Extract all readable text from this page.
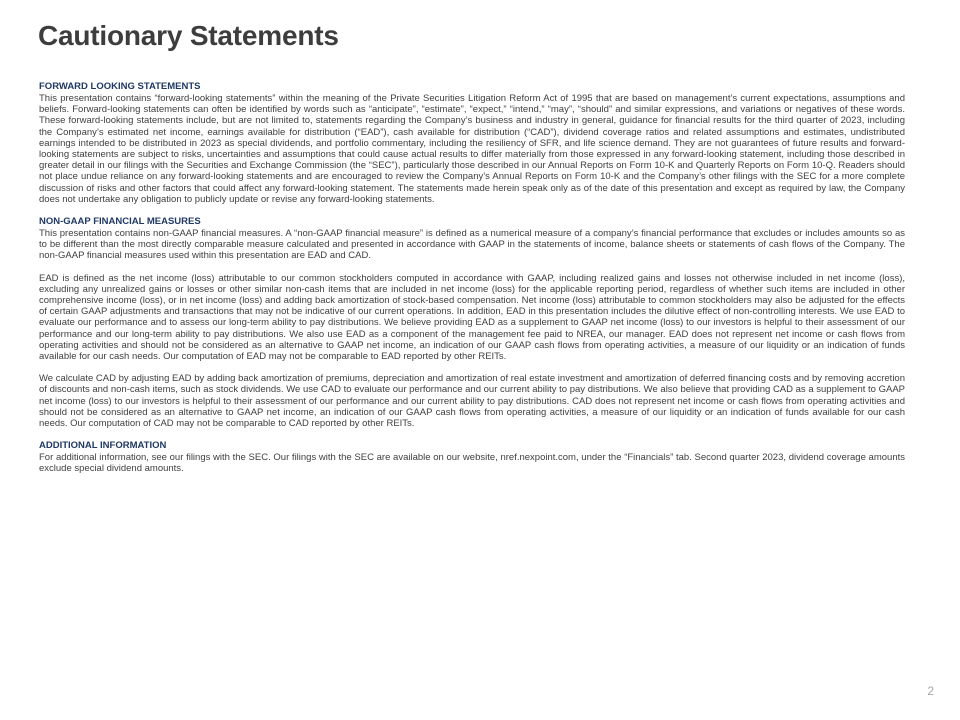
Cautionary Statements
FORWARD LOOKING STATEMENTS

This presentation contains “forward-looking statements” within the meaning of the Private Securities Litigation Reform Act of 1995 that are based on management’s current expectations, assumptions and beliefs. Forward-looking statements can often be identified by words such as “anticipate”, “estimate”, “expect,” “intend,” “may”, “should” and similar expressions, and variations or negatives of these words. These forward-looking statements include, but are not limited to, statements regarding the Company’s business and industry in general, guidance for financial results for the third quarter of 2023, including the Company’s estimated net income, earnings available for distribution (“EAD”), cash available for distribution (“CAD”), dividend coverage ratios and related assumptions and estimates, undistributed earnings intended to be distributed in 2023 as special dividends, and portfolio commentary, including the resiliency of SFR, and life science demand. They are not guarantees of future results and forward-looking statements are subject to risks, uncertainties and assumptions that could cause actual results to differ materially from those expressed in any forward-looking statement, including those described in greater detail in our filings with the Securities and Exchange Commission (the “SEC”), particularly those described in our Annual Reports on Form 10-K and Quarterly Reports on Form 10-Q. Readers should not place undue reliance on any forward-looking statements and are encouraged to review the Company’s Annual Reports on Form 10-K and the Company’s other filings with the SEC for a more complete discussion of risks and other factors that could affect any forward-looking statement. The statements made herein speak only as of the date of this presentation and except as required by law, the Company does not undertake any obligation to publicly update or revise any forward-looking statements.

NON-GAAP FINANCIAL MEASURES

This presentation contains non-GAAP financial measures. A “non-GAAP financial measure” is defined as a numerical measure of a company’s financial performance that excludes or includes amounts so as to be different than the most directly comparable measure calculated and presented in accordance with GAAP in the statements of income, balance sheets or statements of cash flows of the Company. The non-GAAP financial measures used within this presentation are EAD and CAD.

EAD is defined as the net income (loss) attributable to our common stockholders computed in accordance with GAAP, including realized gains and losses not otherwise included in net income (loss), excluding any unrealized gains or losses or other similar non-cash items that are included in net income (loss) for the applicable reporting period, regardless of whether such items are included in other comprehensive income (loss), or in net income (loss) and adding back amortization of stock-based compensation. Net income (loss) attributable to common stockholders may also be adjusted for the effects of certain GAAP adjustments and transactions that may not be indicative of our current operations. In addition, EAD in this presentation includes the dilutive effect of non-controlling interests. We use EAD to evaluate our performance and to assess our long-term ability to pay distributions. We believe providing EAD as a supplement to GAAP net income (loss) to our investors is helpful to their assessment of our performance and our long-term ability to pay distributions. We also use EAD as a component of the management fee paid to NREA, our manager. EAD does not represent net income or cash flows from operating activities and should not be considered as an alternative to GAAP net income, an indication of our GAAP cash flows from operating activities, a measure of our liquidity or an indication of funds available for our cash needs. Our computation of EAD may not be comparable to EAD reported by other REITs.

We calculate CAD by adjusting EAD by adding back amortization of premiums, depreciation and amortization of real estate investment and amortization of deferred financing costs and by removing accretion of discounts and non-cash items, such as stock dividends. We use CAD to evaluate our performance and our current ability to pay distributions. We also believe that providing CAD as a supplement to GAAP net income (loss) to our investors is helpful to their assessment of our performance and our current ability to pay distributions. CAD does not represent net income or cash flows from operating activities and should not be considered as an alternative to GAAP net income, an indication of our GAAP cash flows from operating activities, a measure of our liquidity or an indication of funds available for our cash needs. Our computation of CAD may not be comparable to CAD reported by other REITs.

ADDITIONAL INFORMATION

For additional information, see our filings with the SEC. Our filings with the SEC are available on our website, nref.nexpoint.com, under the “Financials” tab. Second quarter 2023, dividend coverage amounts exclude special dividend amounts.

2
